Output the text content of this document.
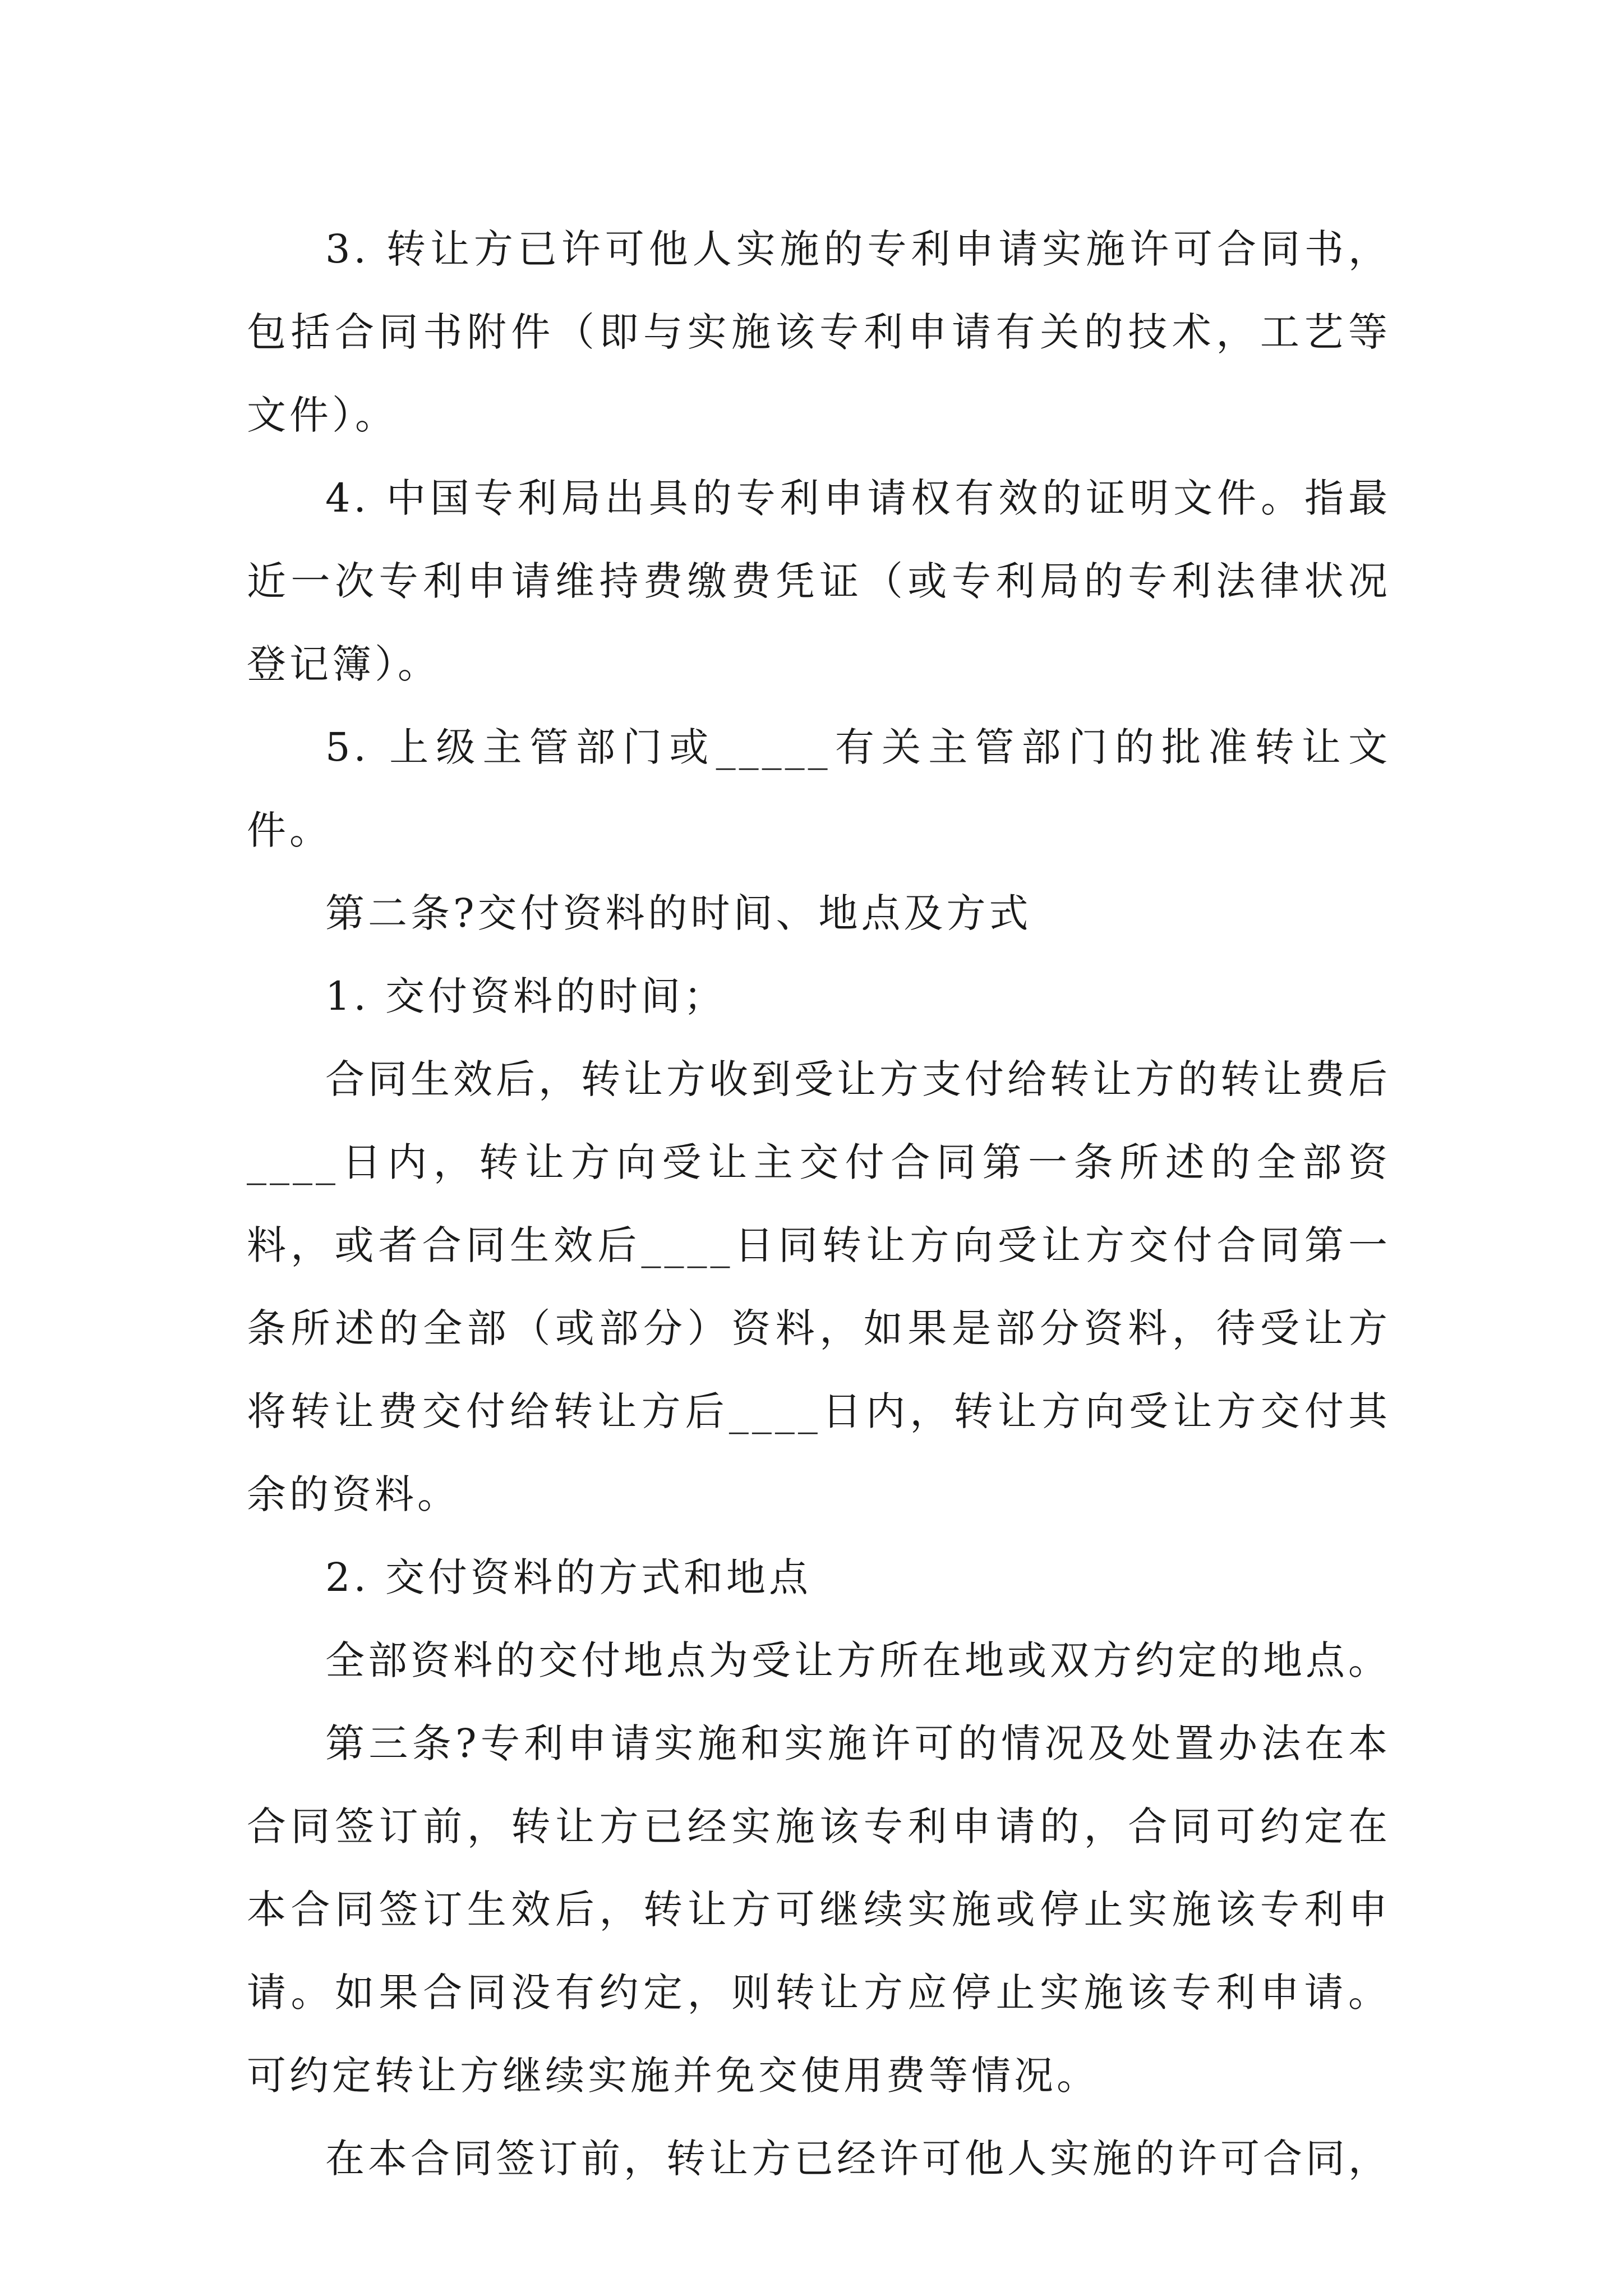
3. 转让方已许可他人实施的专利申请实施许可合同书，包括合同书附件（即与实施该专利申请有关的技术，工艺等文件）。

4. 中国专利局出具的专利申请权有效的证明文件。指最近一次专利申请维持费缴费凭证（或专利局的专利法律状况登记簿）。

5. 上级主管部门或_____有关主管部门的批准转让文件。

第二条?交付资料的时间、地点及方式

1. 交付资料的时间；

合同生效后，转让方收到受让方支付给转让方的转让费后____日内，转让方向受让主交付合同第一条所述的全部资料，或者合同生效后____日同转让方向受让方交付合同第一条所述的全部（或部分）资料，如果是部分资料，待受让方将转让费交付给转让方后____日内，转让方向受让方交付其余的资料。

2. 交付资料的方式和地点

全部资料的交付地点为受让方所在地或双方约定的地点。

第三条?专利申请实施和实施许可的情况及处置办法在本合同签订前，转让方已经实施该专利申请的，合同可约定在本合同签订生效后，转让方可继续实施或停止实施该专利申请。如果合同没有约定，则转让方应停止实施该专利申请。可约定转让方继续实施并免交使用费等情况。

在本合同签订前，转让方已经许可他人实施的许可合同，
